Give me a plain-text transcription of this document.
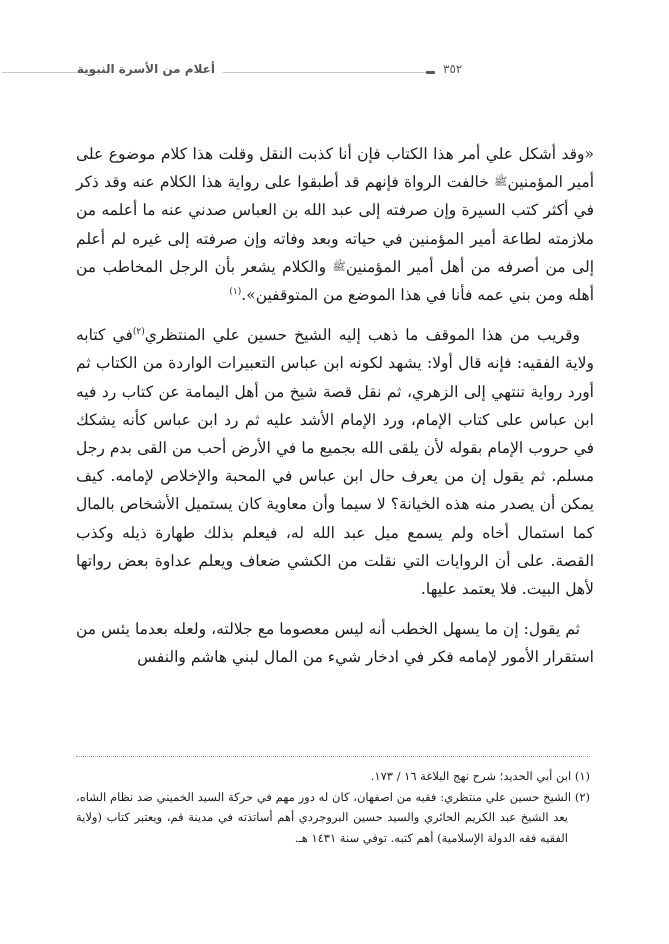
أعلام من الأسرة النبوية	٣٥٢

«وقد أشكل علي أمر هذا الكتاب فإن أنا كذبت النقل وقلت هذا كلام موضوع على أمير المؤمنينﷺ خالفت الرواة فإنهم قد أطبقوا على رواية هذا الكلام عنه وقد ذكر في أكثر كتب السيرة وإن صرفته إلى عبد الله بن العباس صدني عنه ما أعلمه من ملازمته لطاعة أمير المؤمنين في حياته وبعد وفاته وإن صرفته إلى غيره لم أعلم إلى من أصرفه من أهل أمير المؤمنينﷺ والكلام يشعر بأن الرجل المخاطب من أهله ومن بني عمه فأنا في هذا الموضع من المتوقفين».$^{(١)}$

وقريب من هذا الموقف ما ذهب إليه الشيخ حسين علي المنتظري$^{(٢)}$في كتابه ولاية الفقيه: فإنه قال أولا: يشهد لكونه ابن عباس التعبيرات الواردة من الكتاب ثم أورد رواية تنتهي إلى الزهري، ثم نقل قصة شيخ من أهل اليمامة عن كتاب رد فيه ابن عباس على كتاب الإمام، ورد الإمام الأشد عليه ثم رد ابن عباس كأنه يشكك في حروب الإمام بقوله لأن يلقى الله بجميع ما في الأرض أحب من القى بدم رجل مسلم. ثم يقول إن من يعرف حال ابن عباس في المحبة والإخلاص لإمامه. كيف يمكن أن يصدر منه هذه الخيانة؟ لا سيما وأن معاوية كان يستميل الأشخاص بالمال كما استمال أخاه ولم يسمع ميل عبد الله له، فيعلم بذلك طهارة ذيله وكذب القصة. على أن الروايات التي نقلت من الكشي ضعاف ويعلم عداوة بعض رواتها لأهل البيت. فلا يعتمد عليها.

ثم يقول: إن ما يسهل الخطب أنه ليس معصوما مع جلالته، ولعله بعدما يئس من استقرار الأمور لإمامه فكر في ادخار شيء من المال لبني هاشم والنفس

(١) ابن أبي الحديد؛ شرح نهج البلاغة ١٦ / ١٧٣.

(٢) الشيخ حسين علي منتظري: فقيه من اصفهان، كان له دور مهم في حركة السيد الخميني ضد نظام الشاه، يعد الشيخ عبد الكريم الحائري والسيد حسين البروجردي أهم أساتذته في مدينة قم، ويعتبر كتاب (ولاية الفقيه فقه الدولة الإسلامية) أهم كتبه. توفي سنة ١٤٣١ هـ.
